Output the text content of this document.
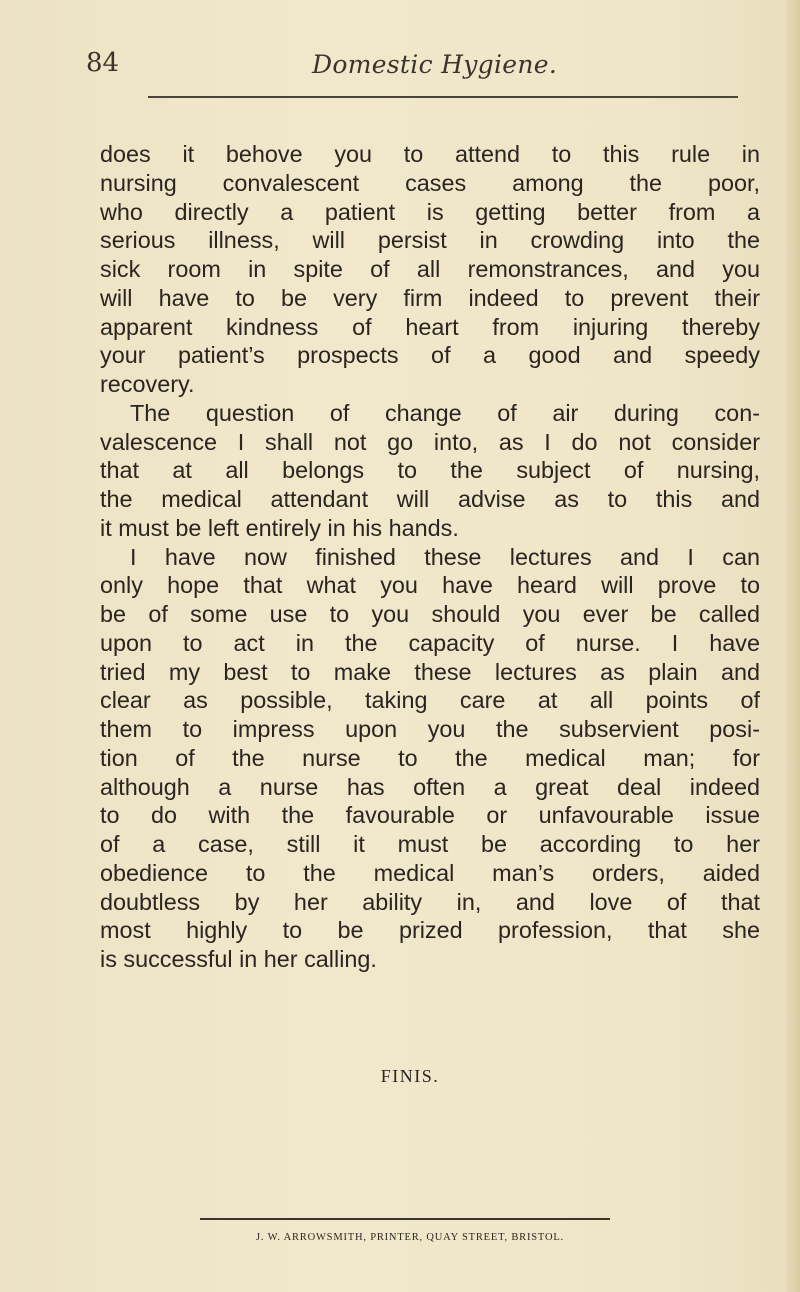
84	Domestic Hygiene.
does it behove you to attend to this rule in
nursing convalescent cases among the poor,
who directly a patient is getting better from a
serious illness, will persist in crowding into the
sick room in spite of all remonstrances, and you
will have to be very firm indeed to prevent their
apparent kindness of heart from injuring thereby
your patient’s prospects of a good and speedy
recovery.
The question of change of air during con-
valescence I shall not go into, as I do not consider
that at all belongs to the subject of nursing,
the medical attendant will advise as to this and
it must be left entirely in his hands.
I have now finished these lectures and I can
only hope that what you have heard will prove to
be of some use to you should you ever be called
upon to act in the capacity of nurse. I have
tried my best to make these lectures as plain and
clear as possible, taking care at all points of
them to impress upon you the subservient posi-
tion of the nurse to the medical man; for
although a nurse has often a great deal indeed
to do with the favourable or unfavourable issue
of a case, still it must be according to her
obedience to the medical man’s orders, aided
doubtless by her ability in, and love of that
most highly to be prized profession, that she
is successful in her calling.
FINIS.
J. W. ARROWSMITH, PRINTER, QUAY STREET, BRISTOL.
